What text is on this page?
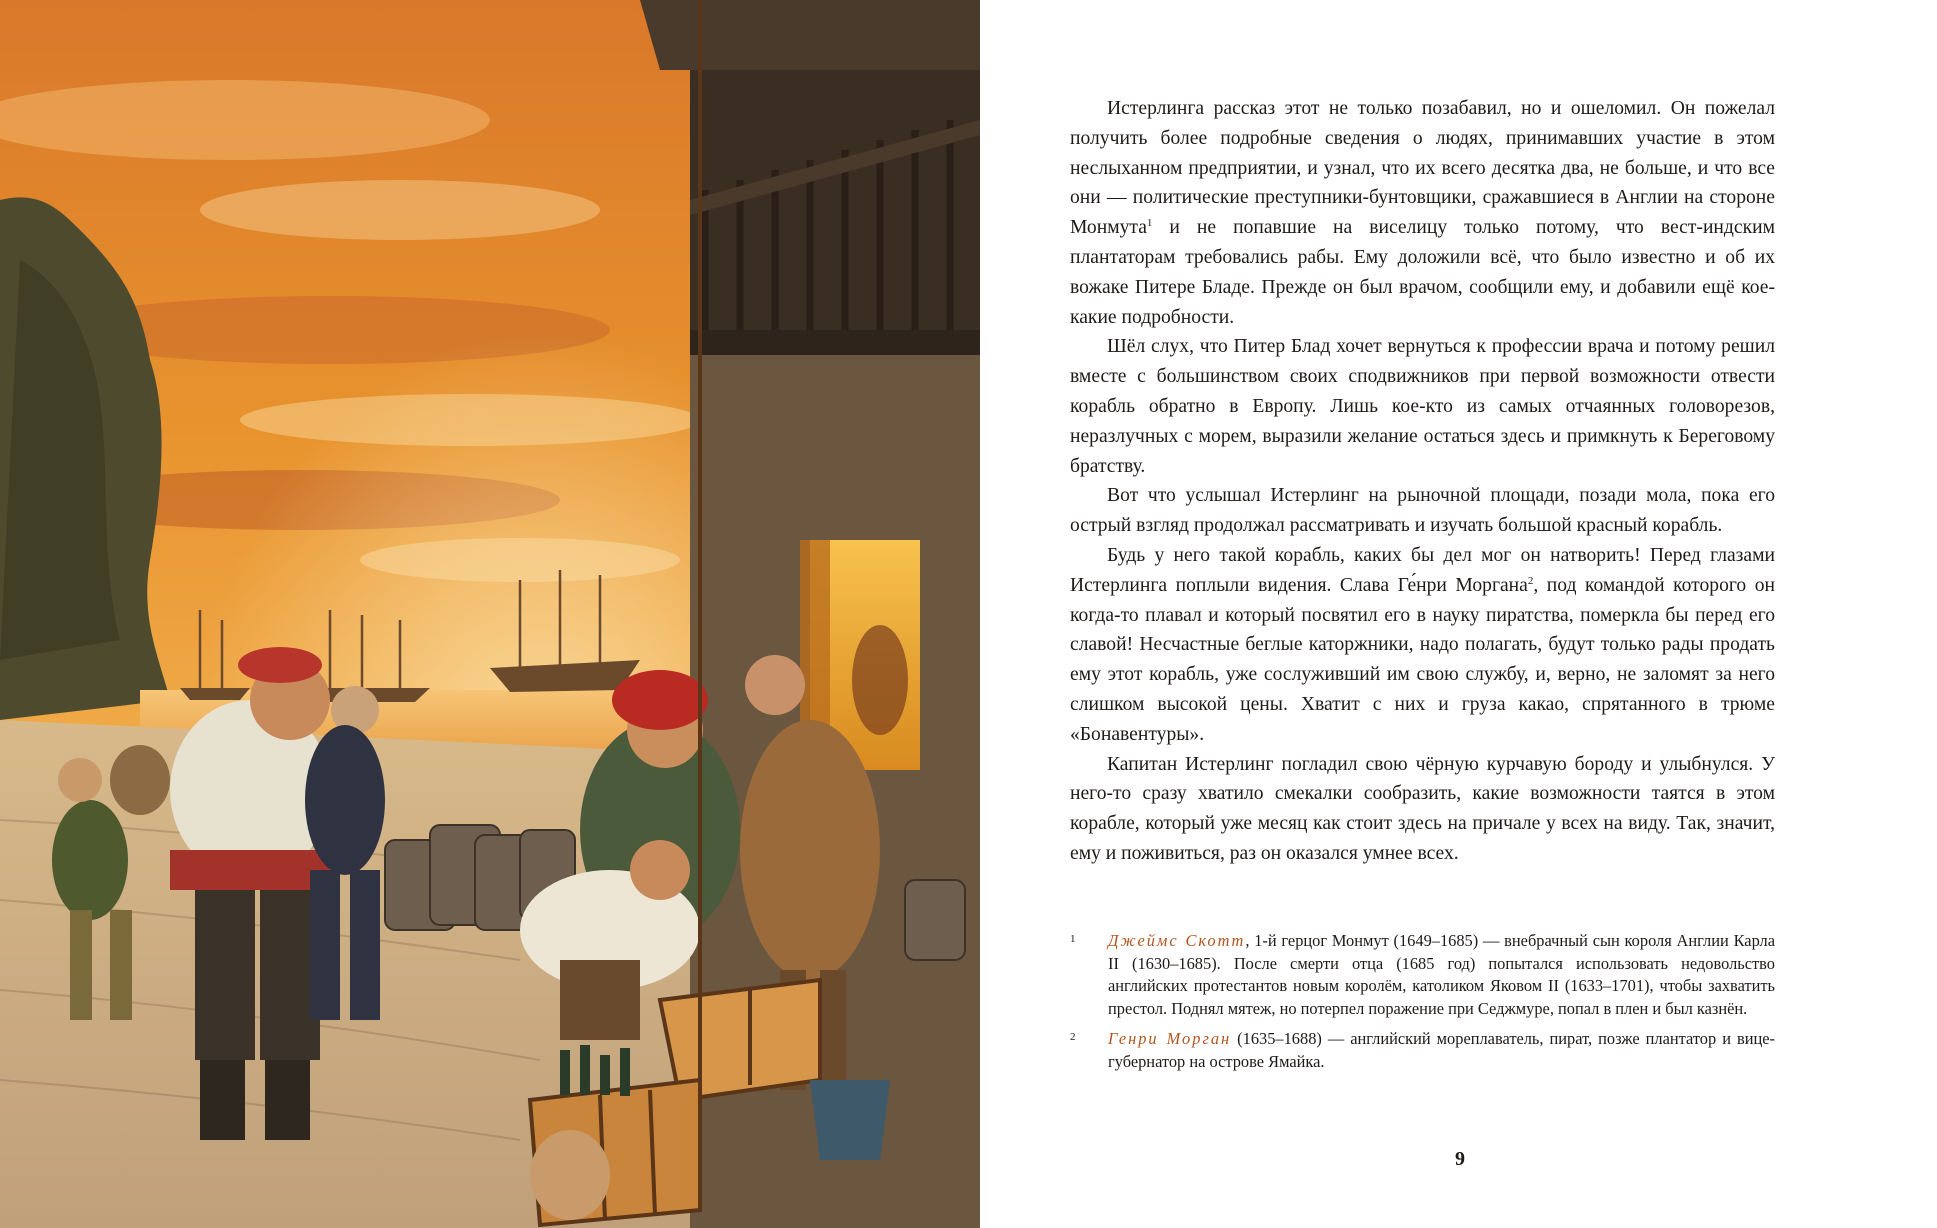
Истерлинга рассказ этот не только позабавил, но и ошеломил. Он пожелал получить более подробные сведения о людях, принимавших участие в этом неслыханном предприятии, и узнал, что их всего десятка два, не больше, и что все они — политические преступники-бунтовщики, сражавшиеся в Англии на стороне Монмута$^1$ и не попавшие на виселицу только потому, что вест-индским плантаторам требовались рабы. Ему доложили всё, что было известно и об их вожаке Питере Бладе. Прежде он был врачом, сообщили ему, и добавили ещё кое-какие подробности.

Шёл слух, что Питер Блад хочет вернуться к профессии врача и потому решил вместе с большинством своих сподвижников при первой возможности отвести корабль обратно в Европу. Лишь кое-кто из самых отчаянных головорезов, неразлучных с морем, выразили желание остаться здесь и примкнуть к Береговому братству.

Вот что услышал Истерлинг на рыночной площади, позади мола, пока его острый взгляд продолжал рассматривать и изучать большой красный корабль.

Будь у него такой корабль, каких бы дел мог он натворить! Перед глазами Истерлинга поплыли видения. Слава Ге́нри Моргана$^2$, под командой которого он когда-то плавал и который посвятил его в науку пиратства, померкла бы перед его славой! Несчастные беглые каторжники, надо полагать, будут только рады продать ему этот корабль, уже сослуживший им свою службу, и, верно, не заломят за него слишком высокой цены. Хватит с них и груза какао, спрятанного в трюме «Бонавентуры».

Капитан Истерлинг погладил свою чёрную курчавую бороду и улыбнулся. У него-то сразу хватило смекалки сообразить, какие возможности таятся в этом корабле, который уже месяц как стоит здесь на причале у всех на виду. Так, значит, ему и поживиться, раз он оказался умнее всех.

1 Джеймс Скотт, 1-й герцог Монмут (1649–1685) — внебрачный сын короля Англии Карла II (1630–1685). После смерти отца (1685 год) попытался использовать недовольство английских протестантов новым королём, католиком Яковом II (1633–1701), чтобы захватить престол. Поднял мятеж, но потерпел поражение при Седжмуре, попал в плен и был казнён.
2 Генри Морган (1635–1688) — английский мореплаватель, пират, позже плантатор и вице-губернатор на острове Ямайка.
9
